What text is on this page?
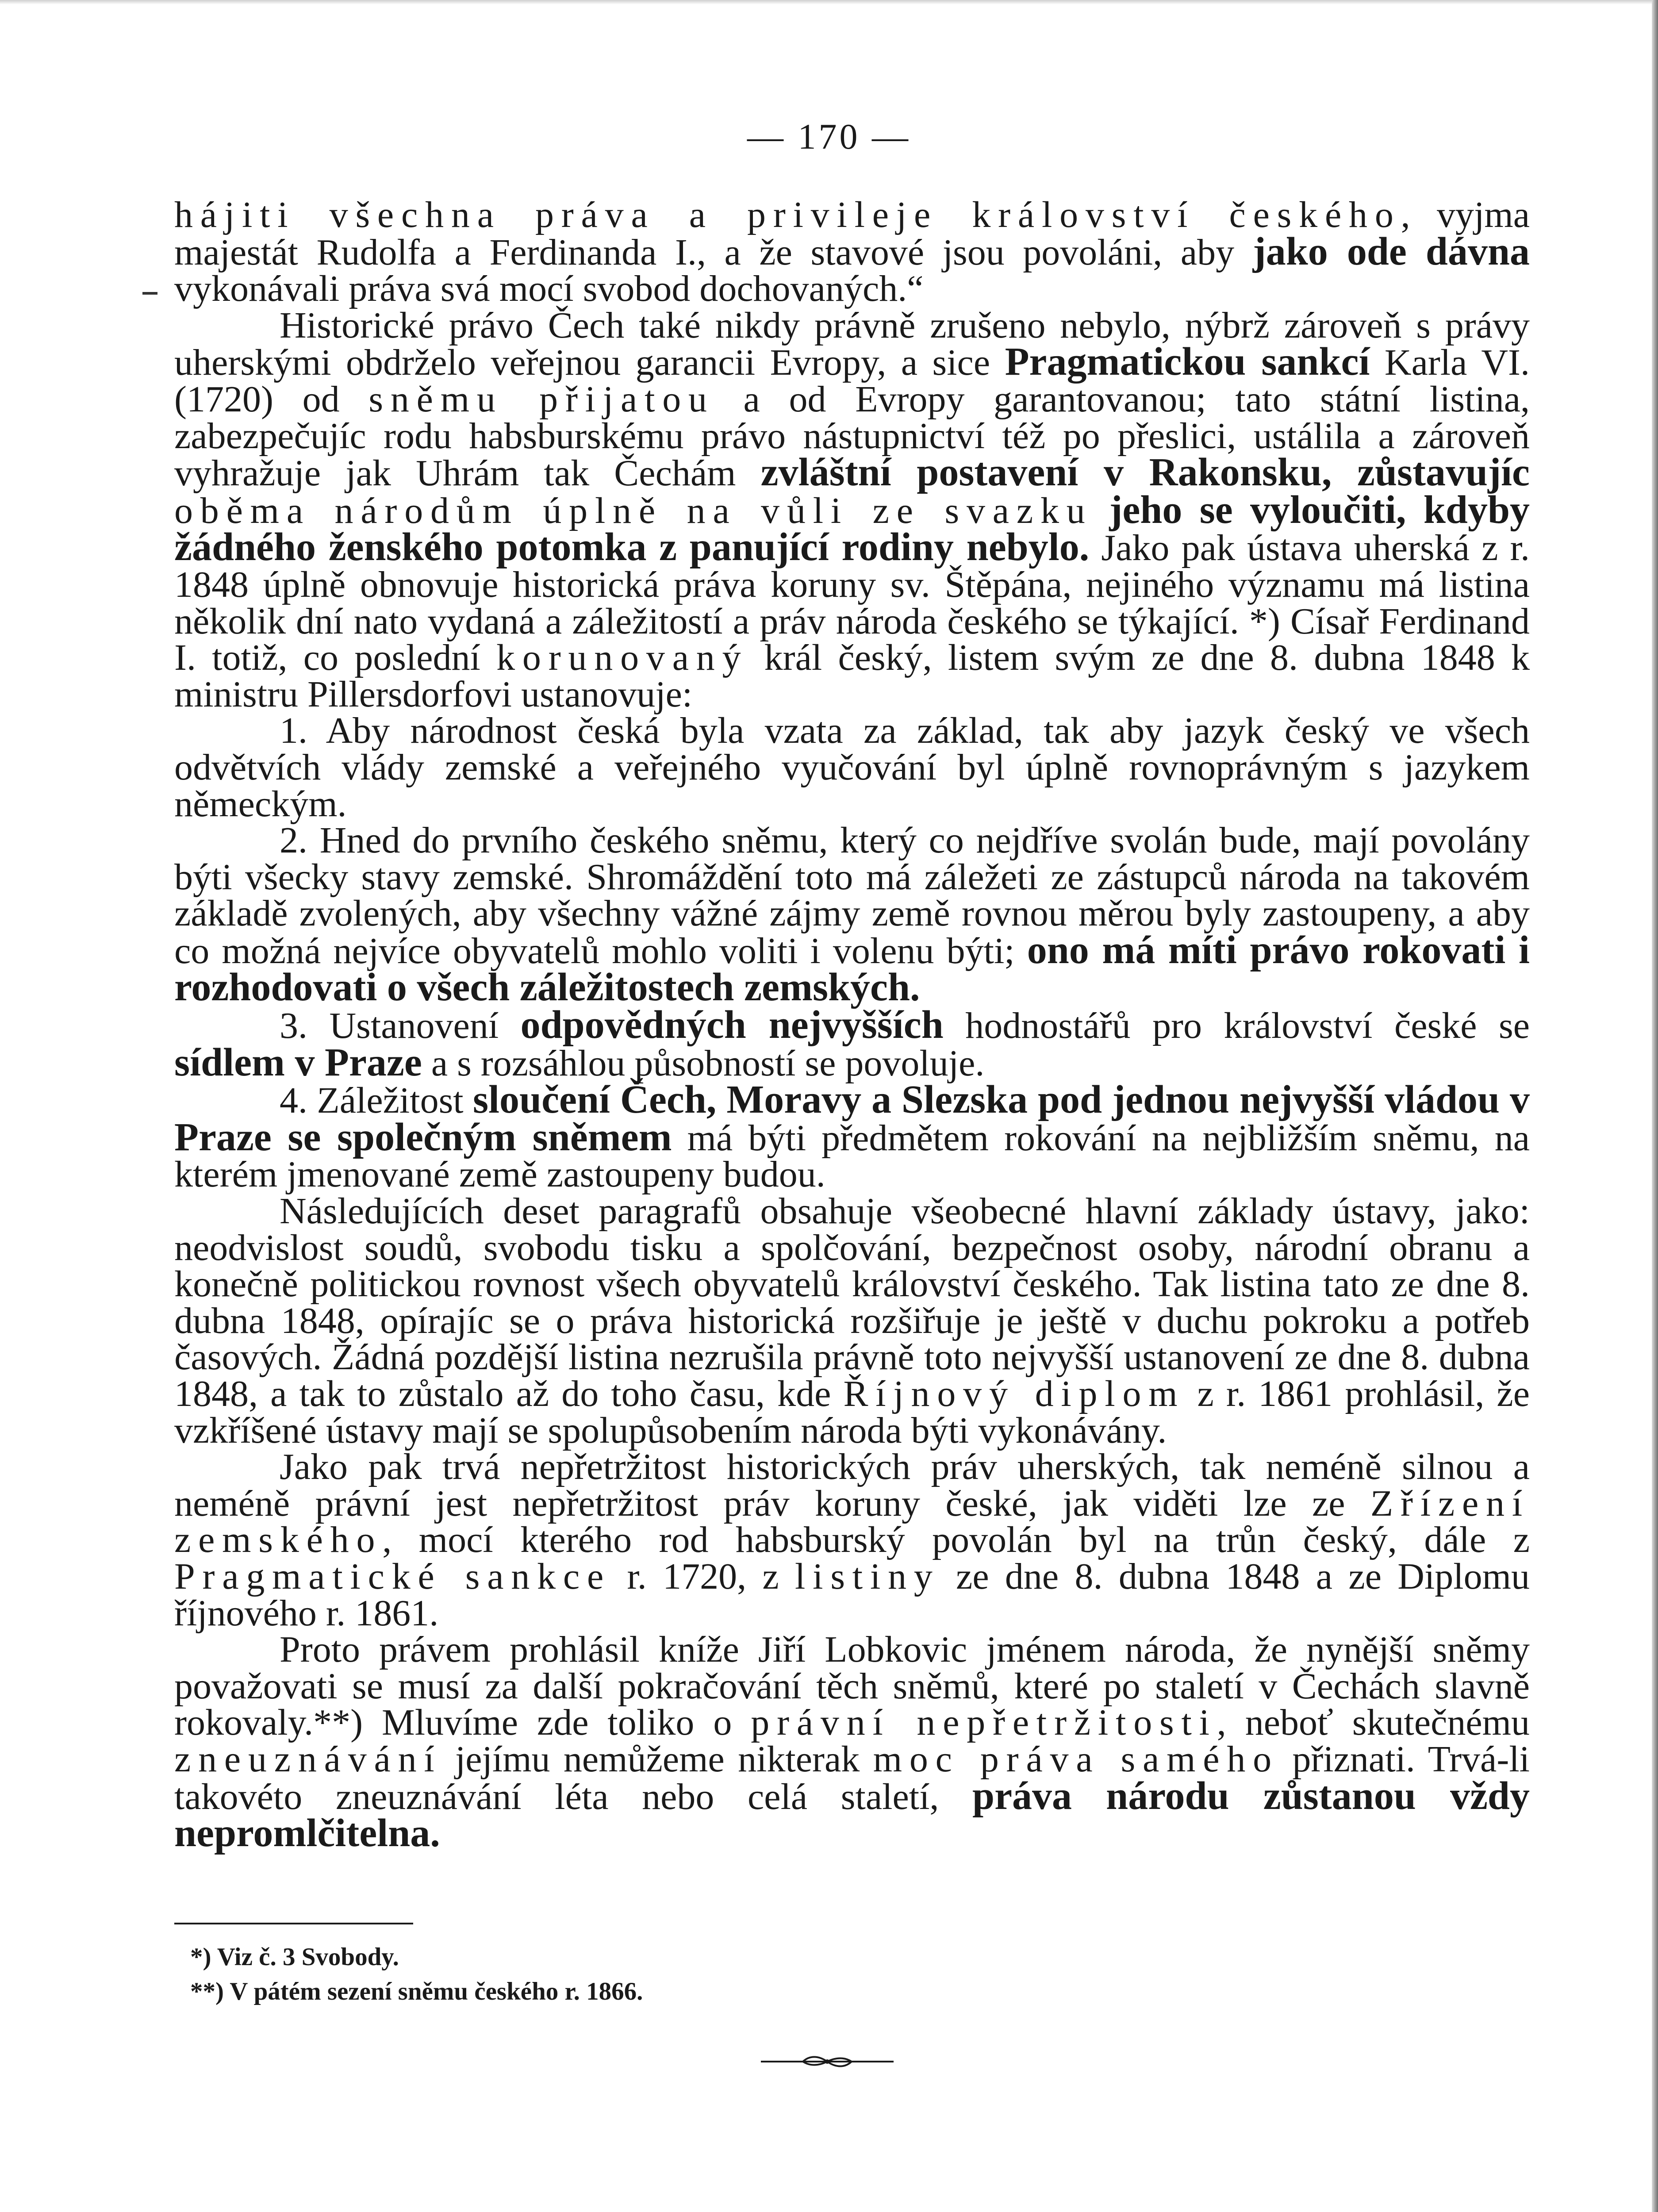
— 170 —

hájiti všechna práva a privileje království českého, vyjma majestát Rudolfa a Ferdinanda I., a že stavové jsou povoláni, aby jako ode dávna vykonávali práva svá mocí svobod dochovaných.“

Historické právo Čech také nikdy právně zrušeno nebylo, nýbrž zároveň s právy uherskými obdrželo veřejnou garancii Evropy, a sice Pragmatickou sankcí Karla VI. (1720) od sněmu přijatou a od Evropy garantovanou; tato státní listina, zabezpečujíc rodu habsburskému právo nástupnictví též po přeslici, ustálila a zároveň vyhražuje jak Uhrám tak Čechám zvláštní postavení v Rakonsku, zůstavujíc oběma národům úplně na vůli ze svazku jeho se vyloučiti, kdyby žádného ženského potomka z panující rodiny nebylo. Jako pak ústava uherská z r. 1848 úplně obnovuje historická práva koruny sv. Štěpána, nejiného významu má listina několik dní nato vydaná a záležitostí a práv národa českého se týkající. *) Císař Ferdinand I. totiž, co poslední korunovaný král český, listem svým ze dne 8. dubna 1848 k ministru Pillersdorfovi ustanovuje:

1. Aby národnost česká byla vzata za základ, tak aby jazyk český ve všech odvětvích vlády zemské a veřejného vyučování byl úplně rovnoprávným s jazykem německým.

2. Hned do prvního českého sněmu, který co nejdříve svolán bude, mají povolány býti všecky stavy zemské. Shromáždění toto má záležeti ze zástupců národa na takovém základě zvolených, aby všechny vážné zájmy země rovnou měrou byly zastoupeny, a aby co možná nejvíce obyvatelů mohlo voliti i volenu býti; ono má míti právo rokovati i rozhodovati o všech záležitostech zemských.

3. Ustanovení odpovědných nejvyšších hodnostářů pro království české se sídlem v Praze a s rozsáhlou působností se povoluje.

4. Záležitost sloučení Čech, Moravy a Slezska pod jednou nejvyšší vládou v Praze se společným sněmem má býti předmětem rokování na nejbližším sněmu, na kterém jmenované země zastoupeny budou.

Následujících deset paragrafů obsahuje všeobecné hlavní základy ústavy, jako: neodvislost soudů, svobodu tisku a spolčování, bezpečnost osoby, národní obranu a konečně politickou rovnost všech obyvatelů království českého. Tak listina tato ze dne 8. dubna 1848, opírajíc se o práva historická rozšiřuje je ještě v duchu pokroku a potřeb časových. Žádná pozdější listina nezrušila právně toto nejvyšší ustanovení ze dne 8. dubna 1848, a tak to zůstalo až do toho času, kde Říjnový diplom z r. 1861 prohlásil, že vzkříšené ústavy mají se spolupůsobením národa býti vykonávány.

Jako pak trvá nepřetržitost historických práv uherských, tak neméně silnou a neméně právní jest nepřetržitost práv koruny české, jak viděti lze ze Zřízení zemského, mocí kterého rod habsburský povolán byl na trůn český, dále z Pragmatické sankce r. 1720, z listiny ze dne 8. dubna 1848 a ze Diplomu říjnového r. 1861.

Proto právem prohlásil kníže Jiří Lobkovic jménem národa, že nynější sněmy považovati se musí za další pokračování těch sněmů, které po staletí v Čechách slavně rokovaly.**) Mluvíme zde toliko o právní nepřetržitosti, neboť skutečnému zneuznávání jejímu nemůžeme nikterak moc práva samého přiznati. Trvá-li takovéto zneuznávání léta nebo celá staletí, práva národu zůstanou vždy nepromlčitelna.

*) Viz č. 3 Svobody.
**) V pátém sezení sněmu českého r. 1866.
